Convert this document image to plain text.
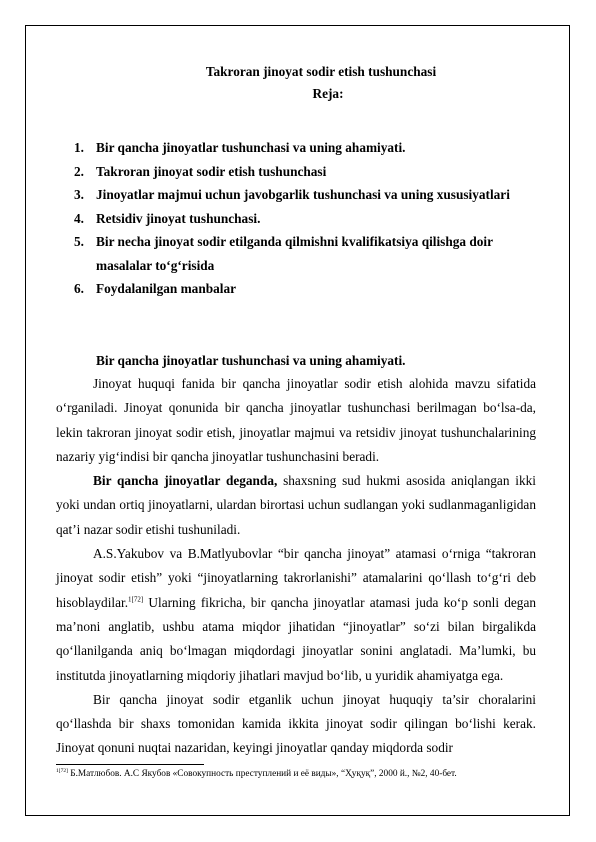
Takroran jinoyat sodir etish tushunchasi
Reja:
1. Bir qancha jinoyatlar tushunchasi va uning ahamiyati.
2. Takroran jinoyat sodir etish tushunchasi
3. Jinoyatlar majmui uchun javobgarlik tushunchasi va uning xususiyatlari
4. Retsidiv jinoyat tushunchasi.
5. Bir necha jinoyat sodir etilganda qilmishni kvalifikatsiya qilishga doir masalalar to‘g‘risida
6. Foydalanilgan manbalar

Bir qancha jinoyatlar tushunchasi va uning ahamiyati.

Jinoyat huquqi fanida bir qancha jinoyatlar sodir etish alohida mavzu sifatida o‘rganiladi. Jinoyat qonunida bir qancha jinoyatlar tushunchasi berilmagan bo‘lsa-da, lekin takroran jinoyat sodir etish, jinoyatlar majmui va retsidiv jinoyat tushunchalarining nazariy yig‘indisi bir qancha jinoyatlar tushunchasini beradi.

Bir qancha jinoyatlar deganda, shaxsning sud hukmi asosida aniqlangan ikki yoki undan ortiq jinoyatlarni, ulardan birortasi uchun sudlangan yoki sudlanmaganligidan qat’i nazar sodir etishi tushuniladi.

A.S.Yakubov va B.Matlyubovlar “bir qancha jinoyat” atamasi o‘rniga “takroran jinoyat sodir etish” yoki “jinoyatlarning takrorlanishi” atamalarini qo‘llash to‘g‘ri deb hisoblaydilar.$^{1[72]}$ Ularning fikricha, bir qancha jinoyatlar atamasi juda ko‘p sonli degan ma’noni anglatib, ushbu atama miqdor jihatidan “jinoyatlar” so‘zi bilan birgalikda qo‘llanilganda aniq bo‘lmagan miqdordagi jinoyatlar sonini anglatadi. Ma’lumki, bu institutda jinoyatlarning miqdoriy jihatlari mavjud bo‘lib, u yuridik ahamiyatga ega.

Bir qancha jinoyat sodir etganlik uchun jinoyat huquqiy ta’sir choralarini qo‘llashda bir shaxs tomonidan kamida ikkita jinoyat sodir qilingan bo‘lishi kerak. Jinoyat qonuni nuqtai nazaridan, keyingi jinoyatlar qanday miqdorda sodir

$^{1[72]}$ Б.Матлюбов. А.С Якубов «Совокупность преступлений и её виды», “Ҳуқуқ”, 2000 й., №2, 40-бет.
